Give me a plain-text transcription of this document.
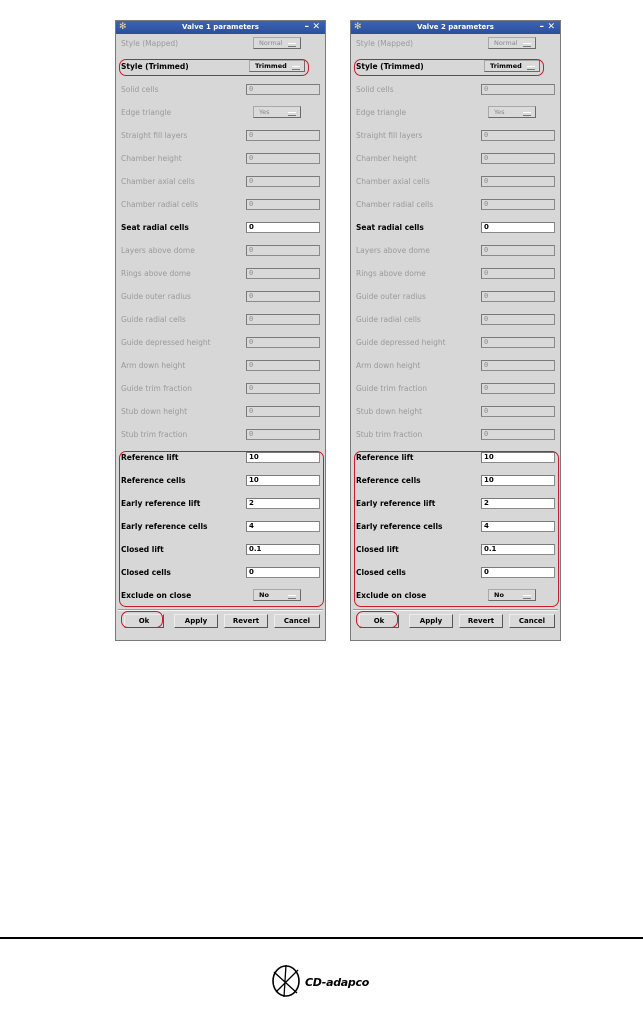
✻	Valve 1 parameters	– ✕
Style (Mapped)	Normal
Style (Trimmed)	Trimmed
Solid cells	0
Edge triangle	Yes
Straight fill layers	0
Chamber height	0
Chamber axial cells	0
Chamber radial cells	0
Seat radial cells	0
Layers above dome	0
Rings above dome	0
Guide outer radius	0
Guide radial cells	0
Guide depressed height	0
Arm down height	0
Guide trim fraction	0
Stub down height	0
Stub trim fraction	0
Reference lift	10
Reference cells	10
Early reference lift	2
Early reference cells	4
Closed lift	0.1
Closed cells	0
Exclude on close	No
Ok	Apply	Revert	Cancel
✻	Valve 2 parameters	– ✕
Style (Mapped)	Normal
Style (Trimmed)	Trimmed
Solid cells	0
Edge triangle	Yes
Straight fill layers	0
Chamber height	0
Chamber axial cells	0
Chamber radial cells	0
Seat radial cells	0
Layers above dome	0
Rings above dome	0
Guide outer radius	0
Guide radial cells	0
Guide depressed height	0
Arm down height	0
Guide trim fraction	0
Stub down height	0
Stub trim fraction	0
Reference lift	10
Reference cells	10
Early reference lift	2
Early reference cells	4
Closed lift	0.1
Closed cells	0
Exclude on close	No
Ok	Apply	Revert	Cancel
CD-adapco
